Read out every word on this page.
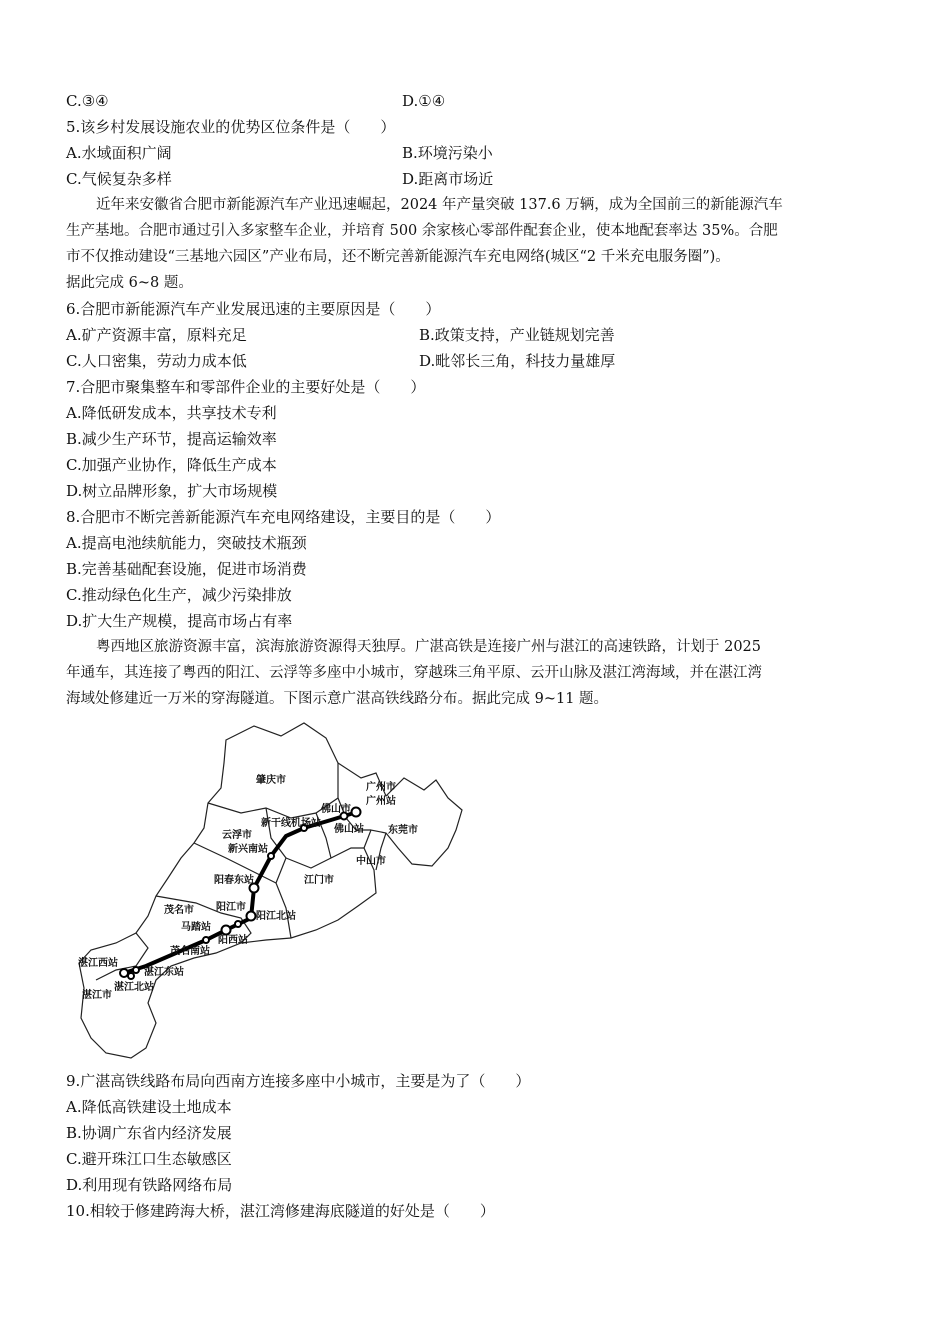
C.③④	D.①④
5.该乡村发展设施农业的优势区位条件是（　　）
A.水域面积广阔	B.环境污染小
C.气候复杂多样	D.距离市场近

近年来安徽省合肥市新能源汽车产业迅速崛起，2024 年产量突破 137.6 万辆，成为全国前三的新能源汽车

生产基地。合肥市通过引入多家整车企业，并培育 500 余家核心零部件配套企业，使本地配套率达 35%。合肥

市不仅推动建设“三基地六园区”产业布局，还不断完善新能源汽车充电网络(城区“2 千米充电服务圈”)。

据此完成 6~8 题。

6.合肥市新能源汽车产业发展迅速的主要原因是（　　）
A.矿产资源丰富，原料充足	B.政策支持，产业链规划完善
C.人口密集，劳动力成本低	D.毗邻长三角，科技力量雄厚
7.合肥市聚集整车和零部件企业的主要好处是（　　）
A.降低研发成本，共享技术专利
B.减少生产环节，提高运输效率
C.加强产业协作，降低生产成本
D.树立品牌形象，扩大市场规模
8.合肥市不断完善新能源汽车充电网络建设，主要目的是（　　）
A.提高电池续航能力，突破技术瓶颈
B.完善基础配套设施，促进市场消费
C.推动绿色化生产，减少污染排放
D.扩大生产规模，提高市场占有率

粤西地区旅游资源丰富，滨海旅游资源得天独厚。广湛高铁是连接广州与湛江的高速铁路，计划于 2025

年通车，其连接了粤西的阳江、云浮等多座中小城市，穿越珠三角平原、云开山脉及湛江湾海域，并在湛江湾

海域处修建近一万米的穿海隧道。下图示意广湛高铁线路分布。据此完成 9~11 题。

肇庆市
广州市
广州站
佛山市
佛山站
新干线机场站
东莞市
云浮市
新兴南站
中山市
江门市
阳春东站
茂名市 阳江市
阳江北站
马踏站
阳西站
茂名南站
湛江西站
湛江东站
湛江北站
湛江市
9.广湛高铁线路布局向西南方连接多座中小城市，主要是为了（　　）
A.降低高铁建设土地成本
B.协调广东省内经济发展
C.避开珠江口生态敏感区
D.利用现有铁路网络布局
10.相较于修建跨海大桥，湛江湾修建海底隧道的好处是（　　）
